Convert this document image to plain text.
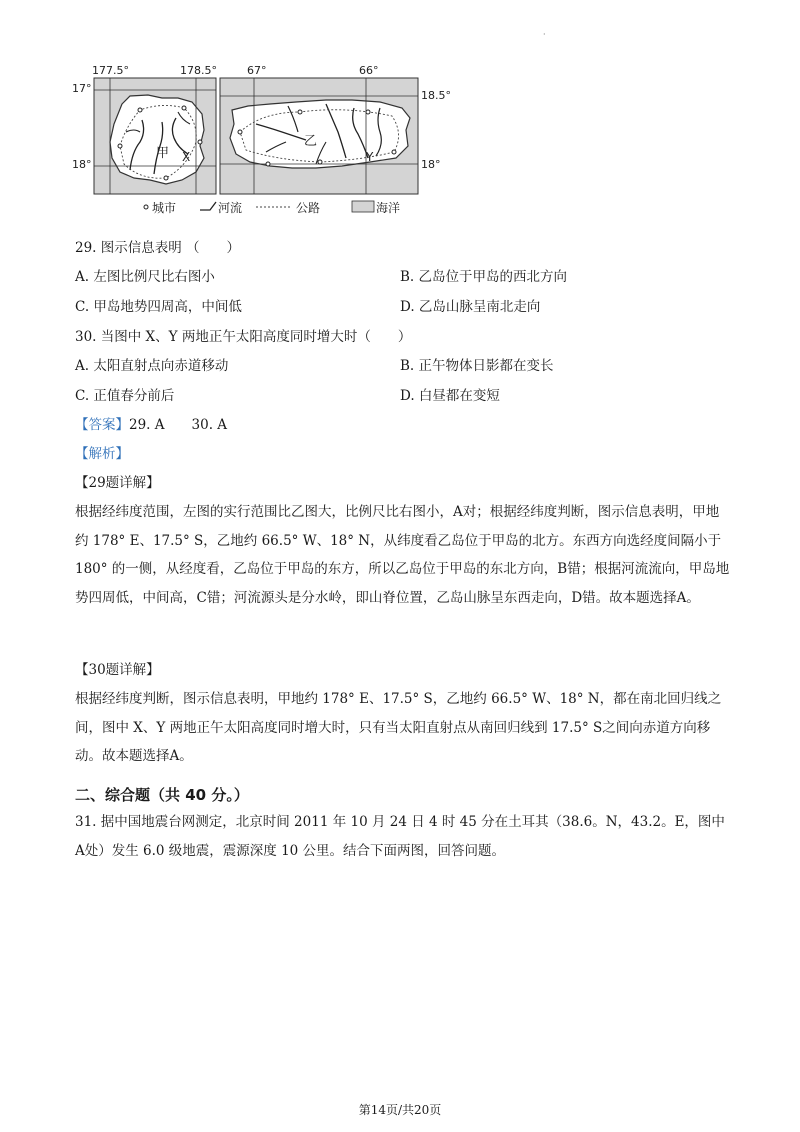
·
177.5°	178.5°
17°
18°
甲 X
67°	66°
18.5°
18°
乙
Y
城市	河流	公路	海洋
29. 图示信息表明 （　　）
A. 左图比例尺比右图小	B. 乙岛位于甲岛的西北方向
C. 甲岛地势四周高，中间低	D. 乙岛山脉呈南北走向
30. 当图中 X、Y 两地正午太阳高度同时增大时（　　）
A. 太阳直射点向赤道移动	B. 正午物体日影都在变长
C. 正值春分前后	D. 白昼都在变短
【答案】29. A　　30. A
【解析】
【29题详解】
根据经纬度范围，左图的实行范围比乙图大，比例尺比右图小，A对；根据经纬度判断，图示信息表明，甲地约 178° E、17.5° S，乙地约 66.5° W、18° N，从纬度看乙岛位于甲岛的北方。东西方向选经度间隔小于 180° 的一侧，从经度看，乙岛位于甲岛的东方，所以乙岛位于甲岛的东北方向，B错；根据河流流向，甲岛地势四周低，中间高，C错；河流源头是分水岭，即山脊位置，乙岛山脉呈东西走向，D错。故本题选择A。
【30题详解】
根据经纬度判断，图示信息表明，甲地约 178° E、17.5° S，乙地约 66.5° W、18° N，都在南北回归线之间，图中 X、Y 两地正午太阳高度同时增大时，只有当太阳直射点从南回归线到 17.5° S之间向赤道方向移动。故本题选择A。
二、综合题（共 40 分。）
31. 据中国地震台网测定，北京时间 2011 年 10 月 24 日 4 时 45 分在土耳其（38.6。N，43.2。E，图中A处）发生 6.0 级地震，震源深度 10 公里。结合下面两图，回答问题。
第14页/共20页
